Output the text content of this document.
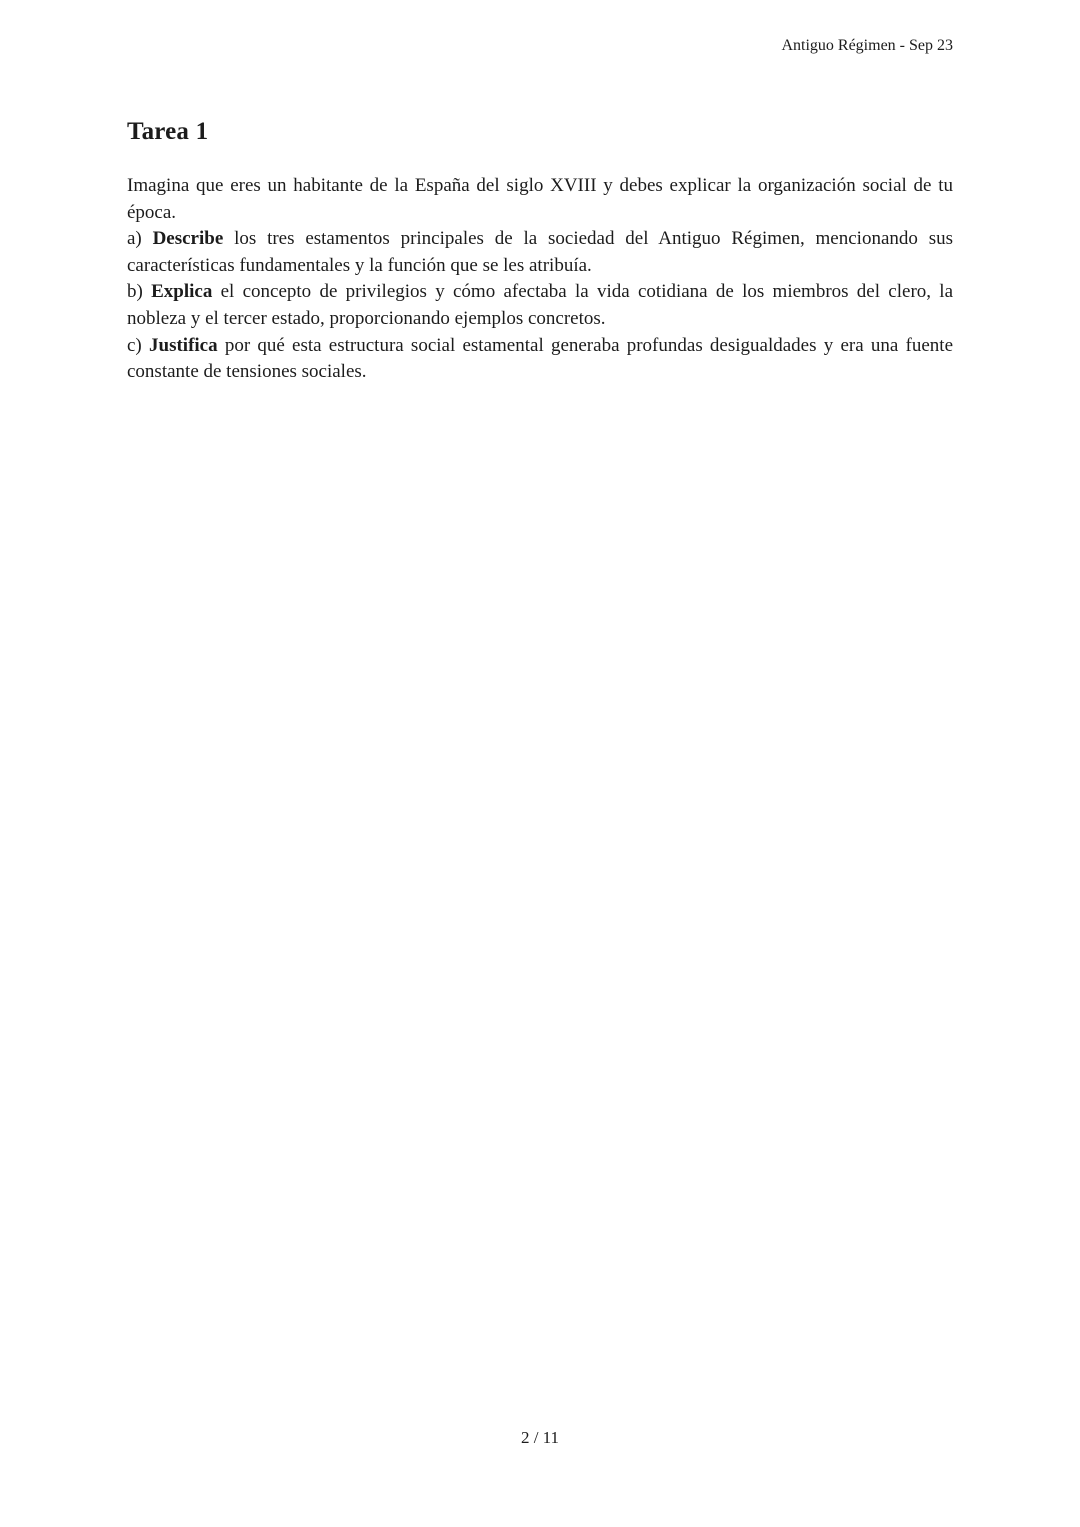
Antiguo Régimen - Sep 23
Tarea 1

Imagina que eres un habitante de la España del siglo XVIII y debes explicar la organización social de tu época.

a) Describe los tres estamentos principales de la sociedad del Antiguo Régimen, mencionando sus características fundamentales y la función que se les atribuía.

b) Explica el concepto de privilegios y cómo afectaba la vida cotidiana de los miembros del clero, la nobleza y el tercer estado, proporcionando ejemplos concretos.

c) Justifica por qué esta estructura social estamental generaba profundas desigualdades y era una fuente constante de tensiones sociales.

2 / 11
